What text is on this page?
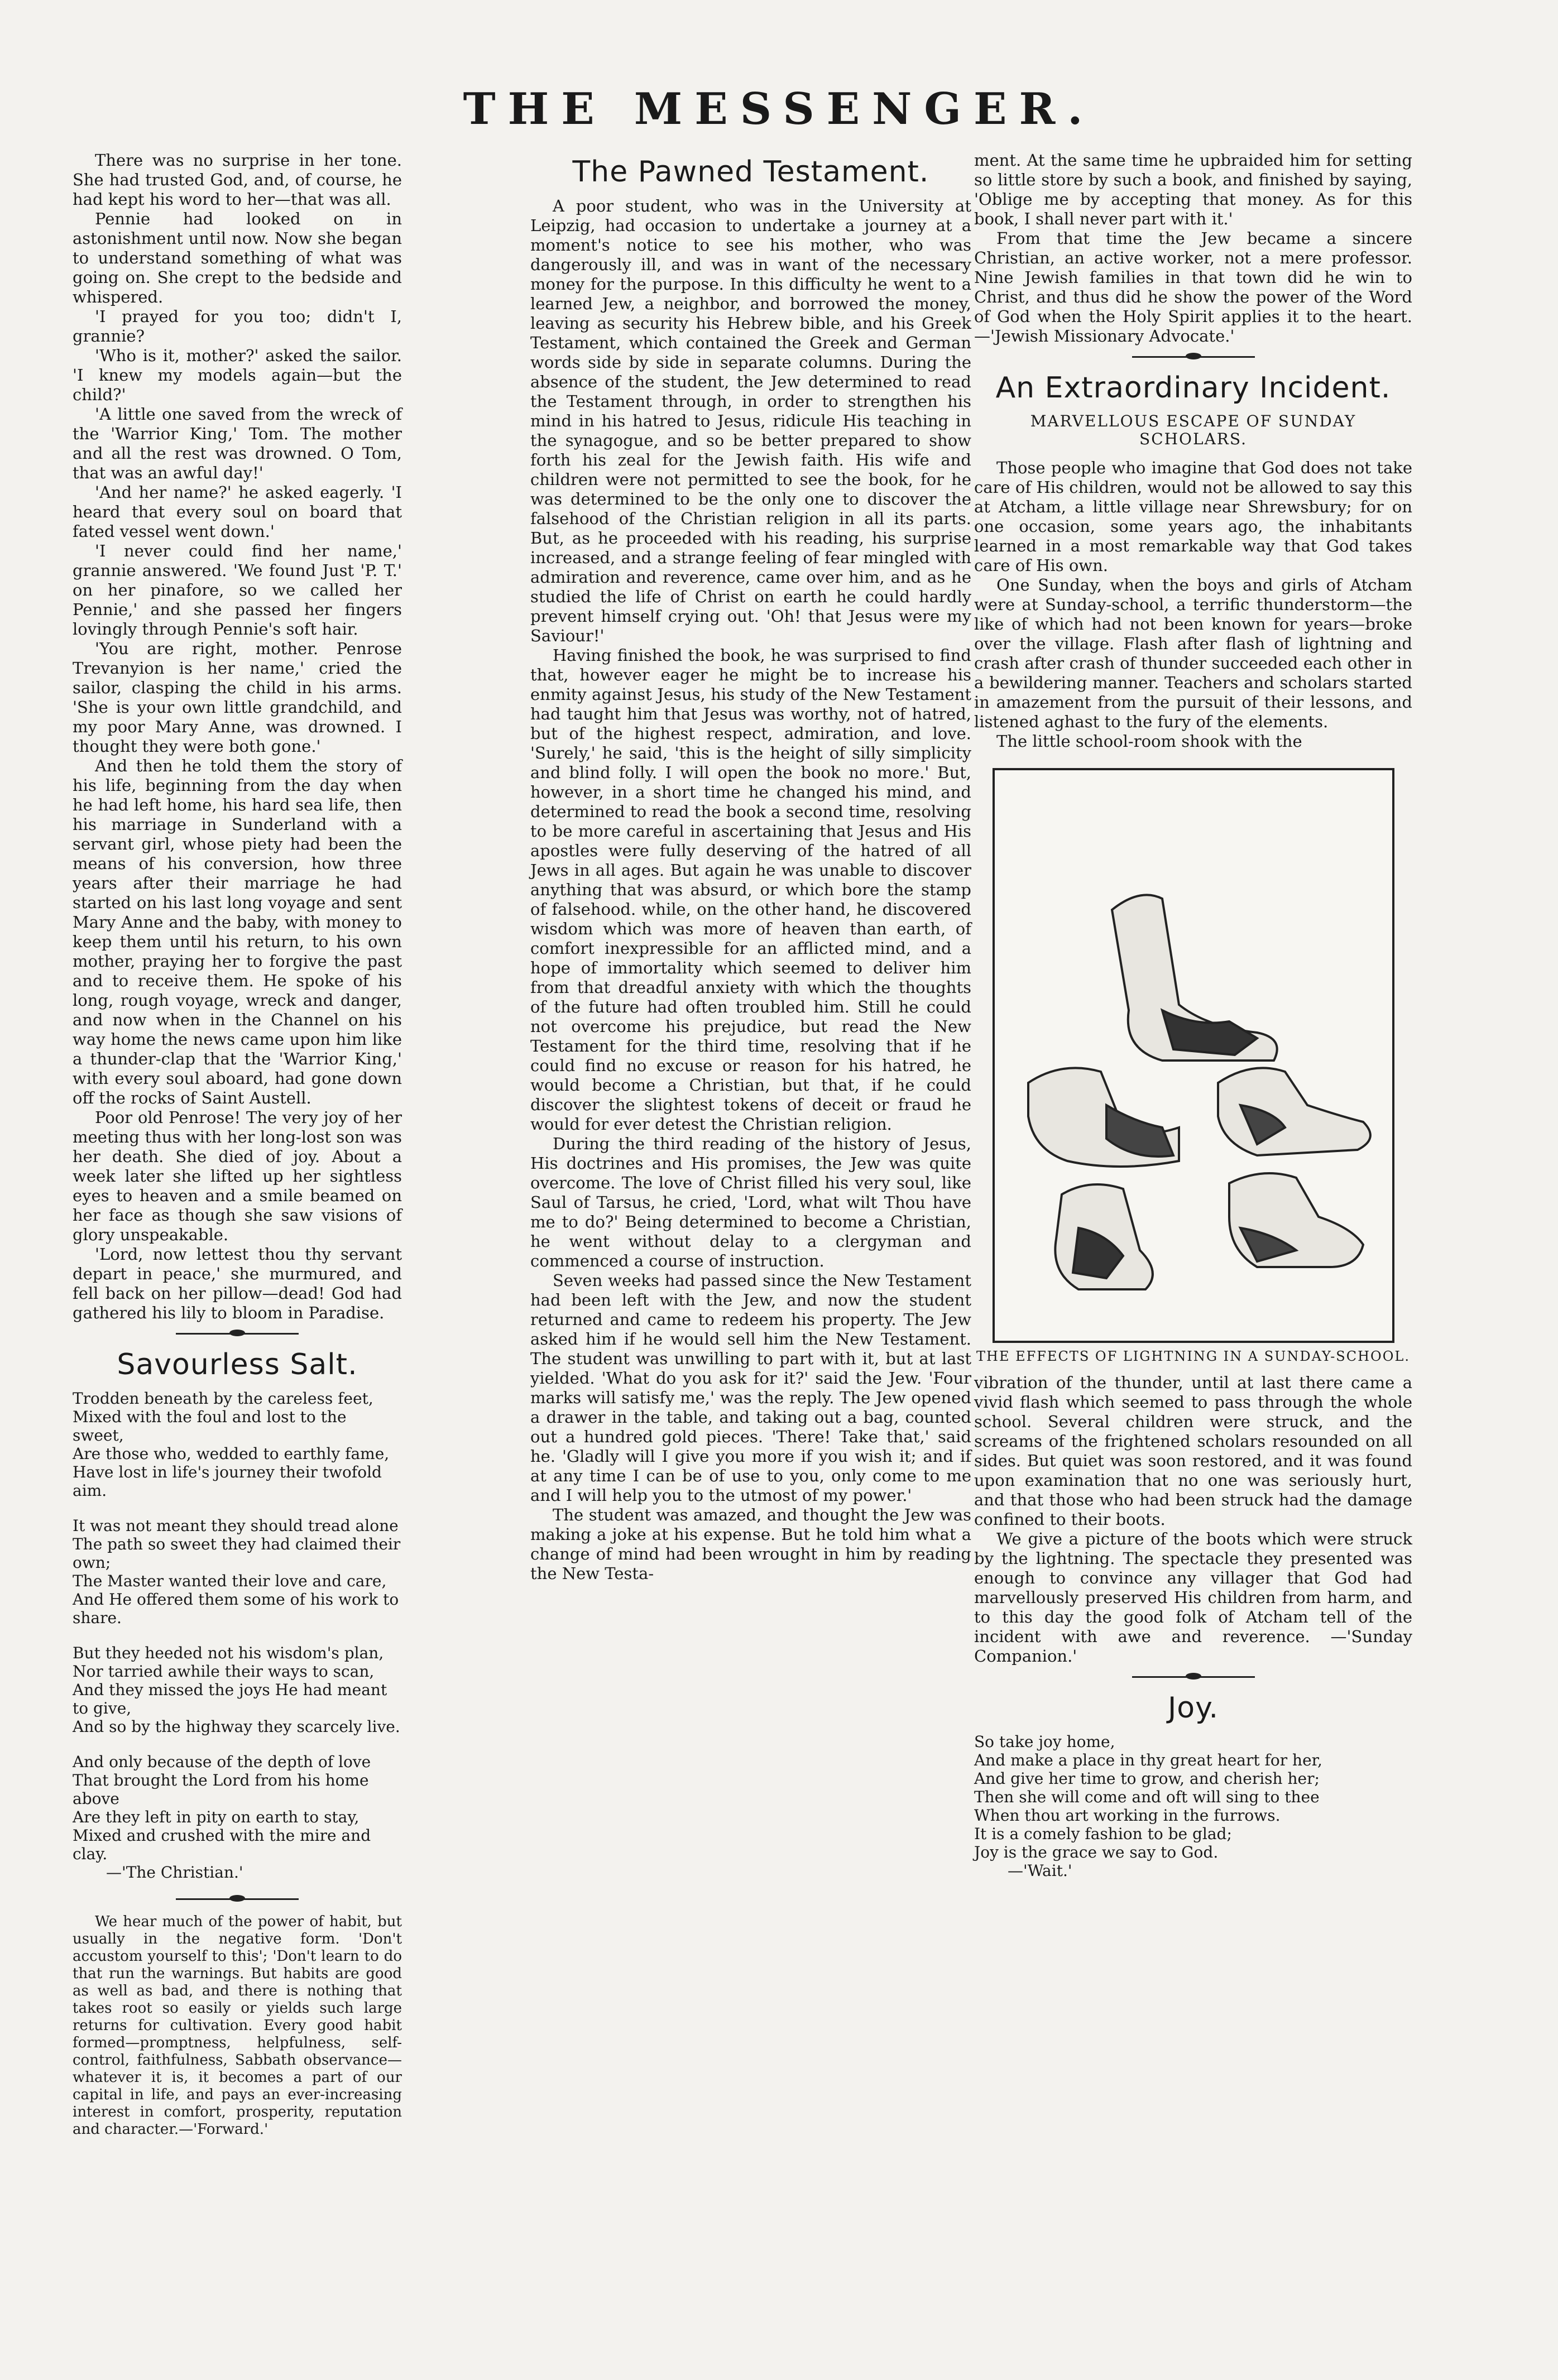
THE MESSENGER.

There was no surprise in her tone. She had trusted God, and, of course, he had kept his word to her—that was all.

Pennie had looked on in astonishment until now. Now she began to understand something of what was going on. She crept to the bedside and whispered.

'I prayed for you too; didn't I, grannie?

'Who is it, mother?' asked the sailor. 'I knew my models again—but the child?'

'A little one saved from the wreck of the 'Warrior King,' Tom. The mother and all the rest was drowned. O Tom, that was an awful day!'

'And her name?' he asked eagerly. 'I heard that every soul on board that fated vessel went down.'

'I never could find her name,' grannie answered. 'We found Just 'P. T.' on her pinafore, so we called her Pennie,' and she passed her fingers lovingly through Pennie's soft hair.

'You are right, mother. Penrose Trevanyion is her name,' cried the sailor, clasping the child in his arms. 'She is your own little grandchild, and my poor Mary Anne, was drowned. I thought they were both gone.'

And then he told them the story of his life, beginning from the day when he had left home, his hard sea life, then his marriage in Sunderland with a servant girl, whose piety had been the means of his conversion, how three years after their marriage he had started on his last long voyage and sent Mary Anne and the baby, with money to keep them until his return, to his own mother, praying her to forgive the past and to receive them. He spoke of his long, rough voyage, wreck and danger, and now when in the Channel on his way home the news came upon him like a thunder-clap that the 'Warrior King,' with every soul aboard, had gone down off the rocks of Saint Austell.

Poor old Penrose! The very joy of her meeting thus with her long-lost son was her death. She died of joy. About a week later she lifted up her sightless eyes to heaven and a smile beamed on her face as though she saw visions of glory unspeakable.

'Lord, now lettest thou thy servant depart in peace,' she murmured, and fell back on her pillow—dead! God had gathered his lily to bloom in Paradise.

Savourless Salt.

Trodden beneath by the careless feet,

Mixed with the foul and lost to the sweet,

Are those who, wedded to earthly fame,

Have lost in life's journey their twofold aim.

It was not meant they should tread alone

The path so sweet they had claimed their own;

The Master wanted their love and care,

And He offered them some of his work to share.

But they heeded not his wisdom's plan,

Nor tarried awhile their ways to scan,

And they missed the joys He had meant to give,

And so by the highway they scarcely live.

And only because of the depth of love

That brought the Lord from his home above

Are they left in pity on earth to stay,

Mixed and crushed with the mire and clay.

—'The Christian.'

We hear much of the power of habit, but usually in the negative form. 'Don't accustom yourself to this'; 'Don't learn to do that run the warnings. But habits are good as well as bad, and there is nothing that takes root so easily or yields such large returns for cultivation. Every good habit formed—promptness, helpfulness, self-control, faithfulness, Sabbath observance—whatever it is, it becomes a part of our capital in life, and pays an ever-increasing interest in comfort, prosperity, reputation and character.—'Forward.'

The Pawned Testament.

A poor student, who was in the University at Leipzig, had occasion to undertake a journey at a moment's notice to see his mother, who was dangerously ill, and was in want of the necessary money for the purpose. In this difficulty he went to a learned Jew, a neighbor, and borrowed the money, leaving as security his Hebrew bible, and his Greek Testament, which contained the Greek and German words side by side in separate columns. During the absence of the student, the Jew determined to read the Testament through, in order to strengthen his mind in his hatred to Jesus, ridicule His teaching in the synagogue, and so be better prepared to show forth his zeal for the Jewish faith. His wife and children were not permitted to see the book, for he was determined to be the only one to discover the falsehood of the Christian religion in all its parts. But, as he proceeded with his reading, his surprise increased, and a strange feeling of fear mingled with admiration and reverence, came over him, and as he studied the life of Christ on earth he could hardly prevent himself crying out. 'Oh! that Jesus were my Saviour!'

Having finished the book, he was surprised to find that, however eager he might be to increase his enmity against Jesus, his study of the New Testament had taught him that Jesus was worthy, not of hatred, but of the highest respect, admiration, and love. 'Surely,' he said, 'this is the height of silly simplicity and blind folly. I will open the book no more.' But, however, in a short time he changed his mind, and determined to read the book a second time, resolving to be more careful in ascertaining that Jesus and His apostles were fully deserving of the hatred of all Jews in all ages. But again he was unable to discover anything that was absurd, or which bore the stamp of falsehood. while, on the other hand, he discovered wisdom which was more of heaven than earth, of comfort inexpressible for an afflicted mind, and a hope of immortality which seemed to deliver him from that dreadful anxiety with which the thoughts of the future had often troubled him. Still he could not overcome his prejudice, but read the New Testament for the third time, resolving that if he could find no excuse or reason for his hatred, he would become a Christian, but that, if he could discover the slightest tokens of deceit or fraud he would for ever detest the Christian religion.

During the third reading of the history of Jesus, His doctrines and His promises, the Jew was quite overcome. The love of Christ filled his very soul, like Saul of Tarsus, he cried, 'Lord, what wilt Thou have me to do?' Being determined to become a Christian, he went without delay to a clergyman and commenced a course of instruction.

Seven weeks had passed since the New Testament had been left with the Jew, and now the student returned and came to redeem his property. The Jew asked him if he would sell him the New Testament. The student was unwilling to part with it, but at last yielded. 'What do you ask for it?' said the Jew. 'Four marks will satisfy me,' was the reply. The Jew opened a drawer in the table, and taking out a bag, counted out a hundred gold pieces. 'There! Take that,' said he. 'Gladly will I give you more if you wish it; and if at any time I can be of use to you, only come to me and I will help you to the utmost of my power.'

The student was amazed, and thought the Jew was making a joke at his expense. But he told him what a change of mind had been wrought in him by reading the New Testa-

ment. At the same time he upbraided him for setting so little store by such a book, and finished by saying, 'Oblige me by accepting that money. As for this book, I shall never part with it.'

From that time the Jew became a sincere Christian, an active worker, not a mere professor. Nine Jewish families in that town did he win to Christ, and thus did he show the power of the Word of God when the Holy Spirit applies it to the heart.—'Jewish Missionary Advocate.'

An Extraordinary Incident.
MARVELLOUS ESCAPE OF SUNDAY SCHOLARS.

Those people who imagine that God does not take care of His children, would not be allowed to say this at Atcham, a little village near Shrewsbury; for on one occasion, some years ago, the inhabitants learned in a most remarkable way that God takes care of His own.

One Sunday, when the boys and girls of Atcham were at Sunday-school, a terrific thunderstorm—the like of which had not been known for years—broke over the village. Flash after flash of lightning and crash after crash of thunder succeeded each other in a bewildering manner. Teachers and scholars started in amazement from the pursuit of their lessons, and listened aghast to the fury of the elements.

The little school-room shook with the

THE EFFECTS OF LIGHTNING IN A SUNDAY-SCHOOL.

vibration of the thunder, until at last there came a vivid flash which seemed to pass through the whole school. Several children were struck, and the screams of the frightened scholars resounded on all sides. But quiet was soon restored, and it was found upon examination that no one was seriously hurt, and that those who had been struck had the damage confined to their boots.

We give a picture of the boots which were struck by the lightning. The spectacle they presented was enough to convince any villager that God had marvellously preserved His children from harm, and to this day the good folk of Atcham tell of the incident with awe and reverence. —'Sunday Companion.'

Joy.

So take joy home,

And make a place in thy great heart for her,

And give her time to grow, and cherish her;

Then she will come and oft will sing to thee

When thou art working in the furrows.

It is a comely fashion to be glad;

Joy is the grace we say to God.

—'Wait.'
